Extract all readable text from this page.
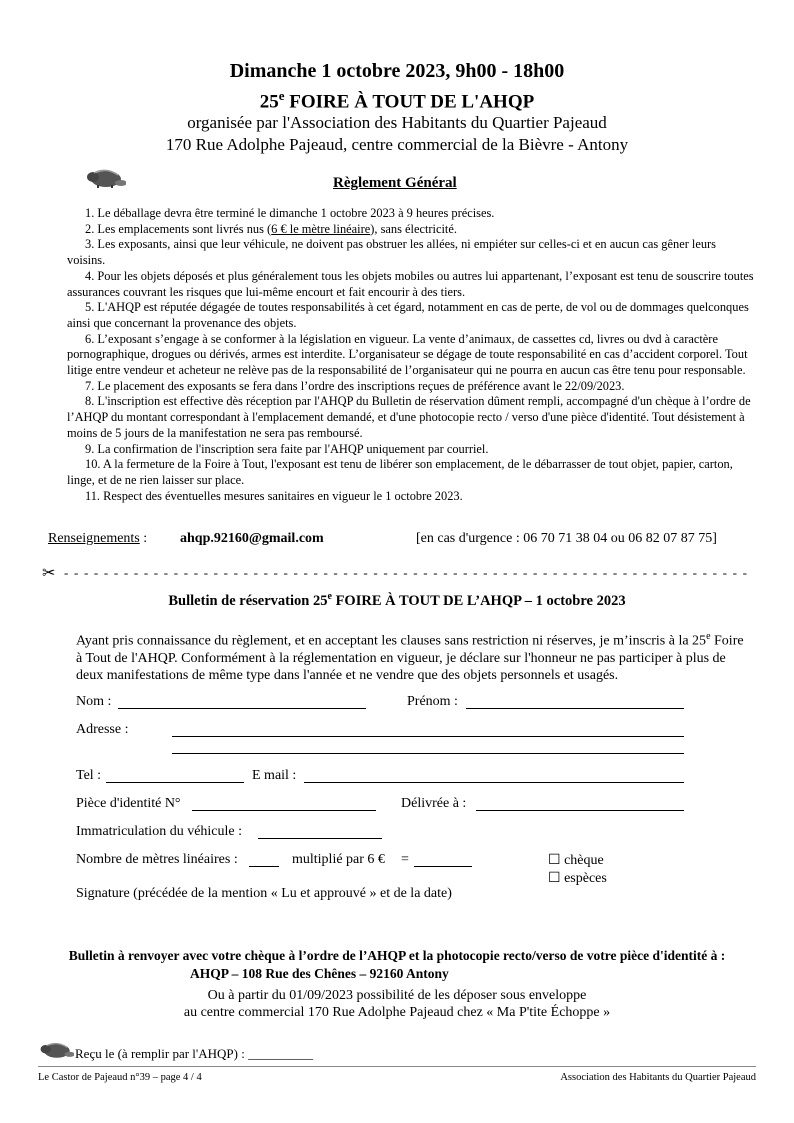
Dimanche 1 octobre 2023, 9h00 - 18h00
25e FOIRE À TOUT DE L'AHQP
organisée par l'Association des Habitants du Quartier Pajeaud
170 Rue Adolphe Pajeaud, centre commercial de la Bièvre - Antony
Règlement Général

1. Le déballage devra être terminé le dimanche 1 octobre 2023 à 9 heures précises.

2. Les emplacements sont livrés nus (6 € le mètre linéaire), sans électricité.

3. Les exposants, ainsi que leur véhicule, ne doivent pas obstruer les allées, ni empiéter sur celles-ci et en aucun cas gêner leurs voisins.

4. Pour les objets déposés et plus généralement tous les objets mobiles ou autres lui appartenant, l’exposant est tenu de souscrire toutes assurances couvrant les risques que lui-même encourt et fait encourir à des tiers.

5. L'AHQP est réputée dégagée de toutes responsabilités à cet égard, notamment en cas de perte, de vol ou de dommages quelconques ainsi que concernant la provenance des objets.

6. L’exposant s’engage à se conformer à la législation en vigueur. La vente d’animaux, de cassettes cd, livres ou dvd à caractère pornographique, drogues ou dérivés, armes est interdite. L’organisateur se dégage de toute responsabilité en cas d’accident corporel. Tout litige entre vendeur et acheteur ne relève pas de la responsabilité de l’organisateur qui ne pourra en aucun cas être tenu pour responsable.

7. Le placement des exposants se fera dans l’ordre des inscriptions reçues de préférence avant le 22/09/2023.

8. L'inscription est effective dès réception par l'AHQP du Bulletin de réservation dûment rempli, accompagné d'un chèque à l’ordre de l’AHQP du montant correspondant à l'emplacement demandé, et d'une photocopie recto / verso d'une pièce d'identité. Tout désistement à moins de 5 jours de la manifestation ne sera pas remboursé.

9. La confirmation de l'inscription sera faite par l'AHQP uniquement par courriel.

10. A la fermeture de la Foire à Tout, l'exposant est tenu de libérer son emplacement, de le débarrasser de tout objet, papier, carton, linge, et de ne rien laisser sur place.

11. Respect des éventuelles mesures sanitaires en vigueur le 1 octobre 2023.

Renseignements : ahqp.92160@gmail.com	[en cas d'urgence : 06 70 71 38 04 ou 06 82 07 87 75]
✂ - - - - - - - - - - - - - - - - - - - - - - - - - - - - - - - - - - - - - - - - - - - - - - - - - - - - - - - - - - - - - - - - - - - - -
Bulletin de réservation 25e FOIRE À TOUT DE L’AHQP – 1 octobre 2023
Ayant pris connaissance du règlement, et en acceptant les clauses sans restriction ni réserves, je m’inscris à la 25e Foire à Tout de l'AHQP. Conformément à la réglementation en vigueur, je déclare sur l'honneur ne pas participer à plus de deux manifestations de même type dans l'année et ne vendre que des objets personnels et usagés.
Nom :	Prénom :
Adresse :
Tel :	E mail :
Pièce d'identité N°	Délivrée à :
Immatriculation du véhicule :
Nombre de mètres linéaires :	multiplié par 6 € =	☐ chèque
☐ espèces
Signature (précédée de la mention « Lu et approuvé » et de la date)
Bulletin à renvoyer avec votre chèque à l’ordre de l’AHQP et la photocopie recto/verso de votre pièce d'identité à :
AHQP – 108 Rue des Chênes – 92160 Antony
Ou à partir du 01/09/2023 possibilité de les déposer sous enveloppe
au centre commercial 170 Rue Adolphe Pajeaud chez « Ma P'tite Échoppe »
Reçu le (à remplir par l'AHQP) : __________
Le Castor de Pajeaud n°39 – page 4 / 4	Association des Habitants du Quartier Pajeaud
